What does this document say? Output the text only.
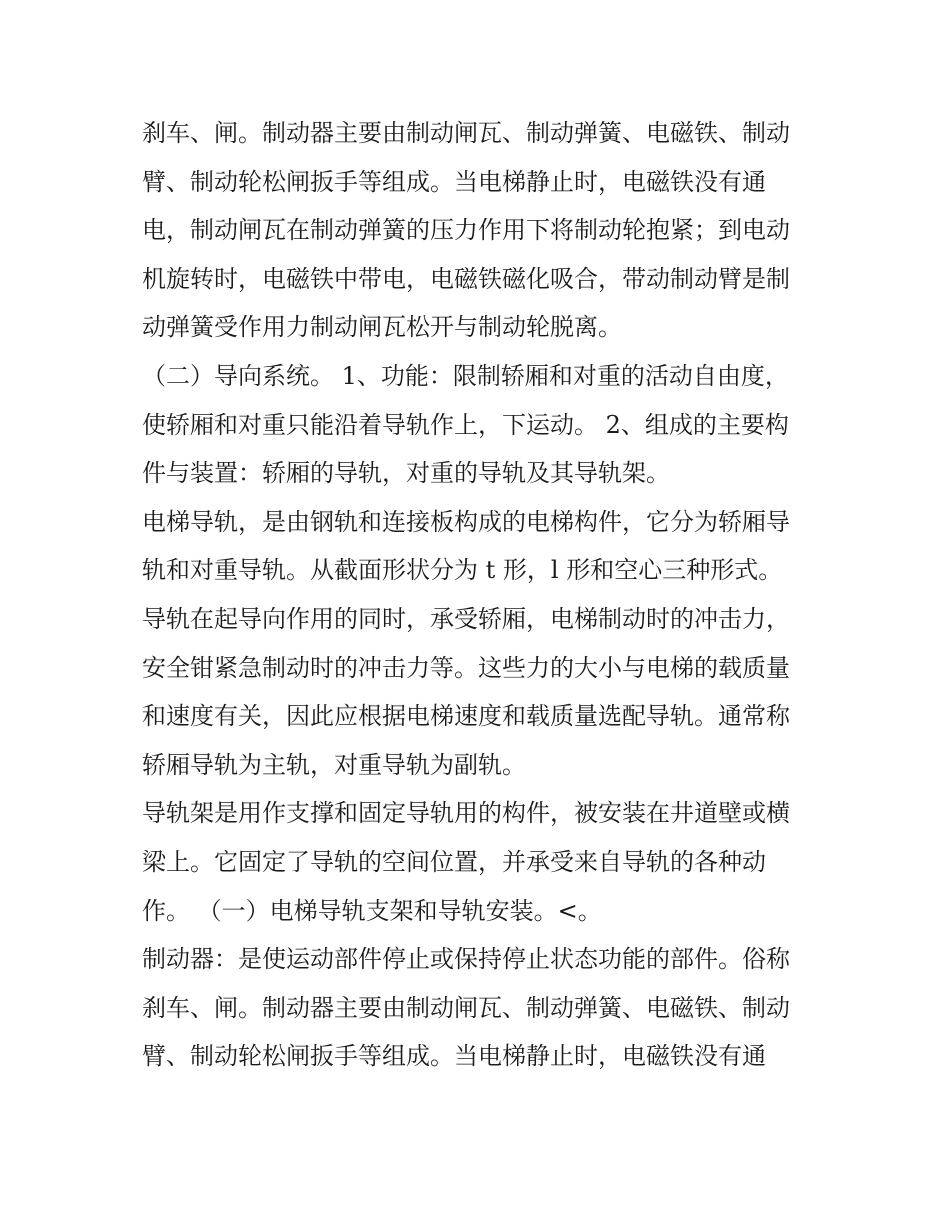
刹车、闸。制动器主要由制动闸瓦、制动弹簧、电磁铁、制动
臂、制动轮松闸扳手等组成。当电梯静止时，电磁铁没有通
电，制动闸瓦在制动弹簧的压力作用下将制动轮抱紧；到电动
机旋转时，电磁铁中带电，电磁铁磁化吸合，带动制动臂是制
动弹簧受作用力制动闸瓦松开与制动轮脱离。
（二）导向系统。 1、功能：限制轿厢和对重的活动自由度，
使轿厢和对重只能沿着导轨作上，下运动。 2、组成的主要构
件与装置：轿厢的导轨，对重的导轨及其导轨架。
电梯导轨，是由钢轨和连接板构成的电梯构件，它分为轿厢导
轨和对重导轨。从截面形状分为 t 形，l 形和空心三种形式。
导轨在起导向作用的同时，承受轿厢，电梯制动时的冲击力，
安全钳紧急制动时的冲击力等。这些力的大小与电梯的载质量
和速度有关，因此应根据电梯速度和载质量选配导轨。通常称
轿厢导轨为主轨，对重导轨为副轨。
导轨架是用作支撑和固定导轨用的构件，被安装在井道壁或横
梁上。它固定了导轨的空间位置，并承受来自导轨的各种动
作。 （一）电梯导轨支架和导轨安装。<。
制动器：是使运动部件停止或保持停止状态功能的部件。俗称
刹车、闸。制动器主要由制动闸瓦、制动弹簧、电磁铁、制动
臂、制动轮松闸扳手等组成。当电梯静止时，电磁铁没有通
